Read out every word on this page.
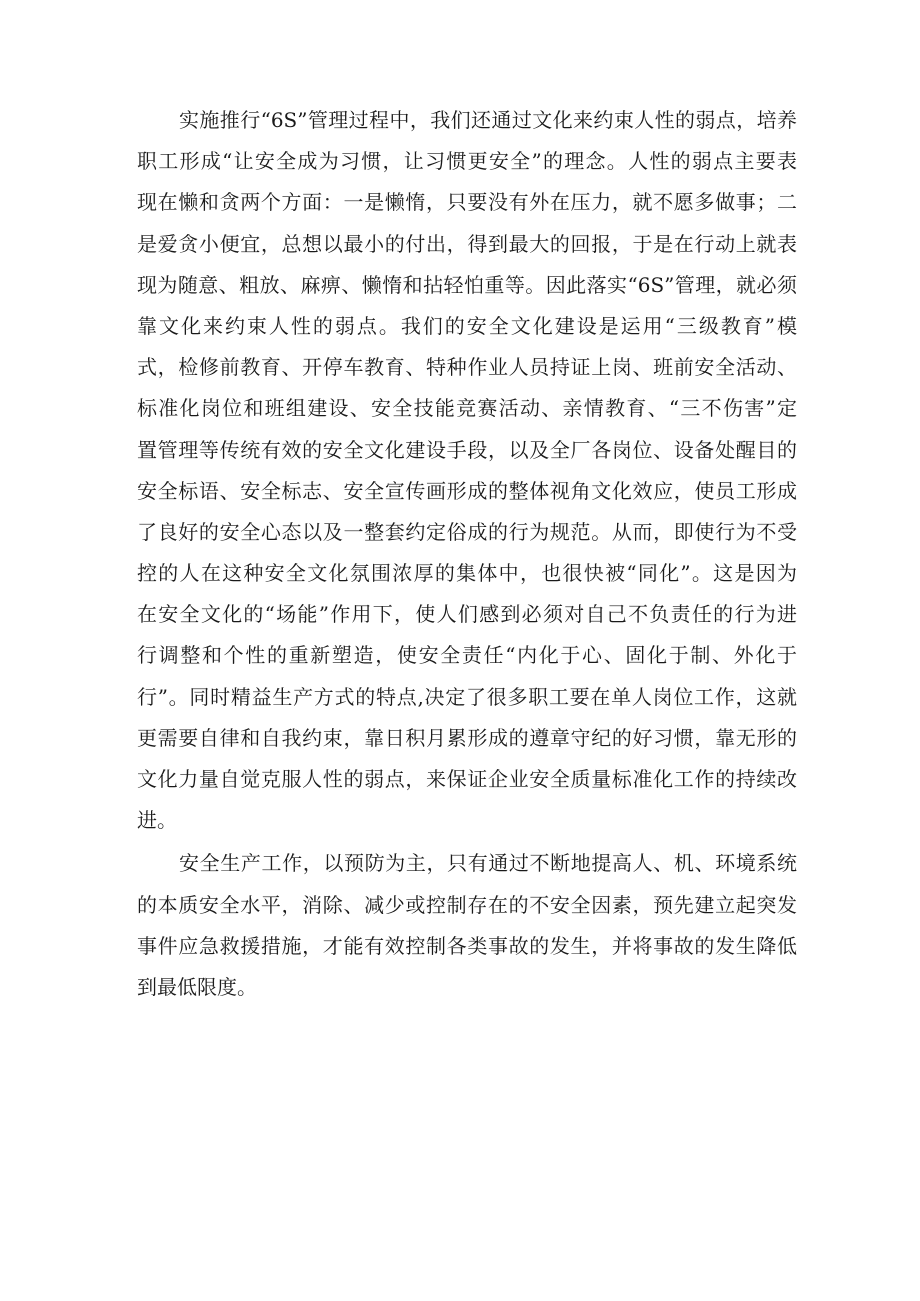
实施推行“6S”管理过程中，我们还通过文化来约束人性的弱点，培养
职工形成“让安全成为习惯，让习惯更安全”的理念。人性的弱点主要表
现在懒和贪两个方面：一是懒惰，只要没有外在压力，就不愿多做事；二
是爱贪小便宜，总想以最小的付出，得到最大的回报，于是在行动上就表
现为随意、粗放、麻痹、懒惰和拈轻怕重等。因此落实“6S”管理，就必须
靠文化来约束人性的弱点。我们的安全文化建设是运用“三级教育”模
式，检修前教育、开停车教育、特种作业人员持证上岗、班前安全活动、
标准化岗位和班组建设、安全技能竞赛活动、亲情教育、“三不伤害”定
置管理等传统有效的安全文化建设手段，以及全厂各岗位、设备处醒目的
安全标语、安全标志、安全宣传画形成的整体视角文化效应，使员工形成
了良好的安全心态以及一整套约定俗成的行为规范。从而，即使行为不受
控的人在这种安全文化氛围浓厚的集体中，也很快被“同化”。这是因为
在安全文化的“场能”作用下，使人们感到必须对自己不负责任的行为进
行调整和个性的重新塑造，使安全责任“内化于心、固化于制、外化于
行”。同时精益生产方式的特点,决定了很多职工要在单人岗位工作，这就
更需要自律和自我约束，靠日积月累形成的遵章守纪的好习惯，靠无形的
文化力量自觉克服人性的弱点，来保证企业安全质量标准化工作的持续改
进。
安全生产工作，以预防为主，只有通过不断地提高人、机、环境系统
的本质安全水平，消除、减少或控制存在的不安全因素，预先建立起突发
事件应急救援措施，才能有效控制各类事故的发生，并将事故的发生降低
到最低限度。
